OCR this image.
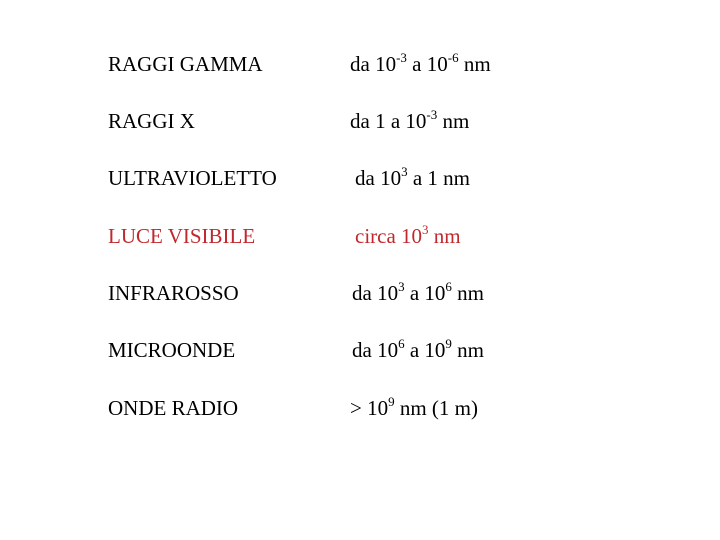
RAGGI GAMMA	da $10^{-3}$ a $10^{-6}$ nm
RAGGI X	da 1 a $10^{-3}$ nm
ULTRAVIOLETTO	da $10^3$ a 1 nm
LUCE VISIBILE	circa $10^3$ nm
INFRAROSSO	da $10^3$ a $10^6$ nm
MICROONDE	da $10^6$ a $10^9$ nm
ONDE RADIO	> $10^9$ nm (1 m)
